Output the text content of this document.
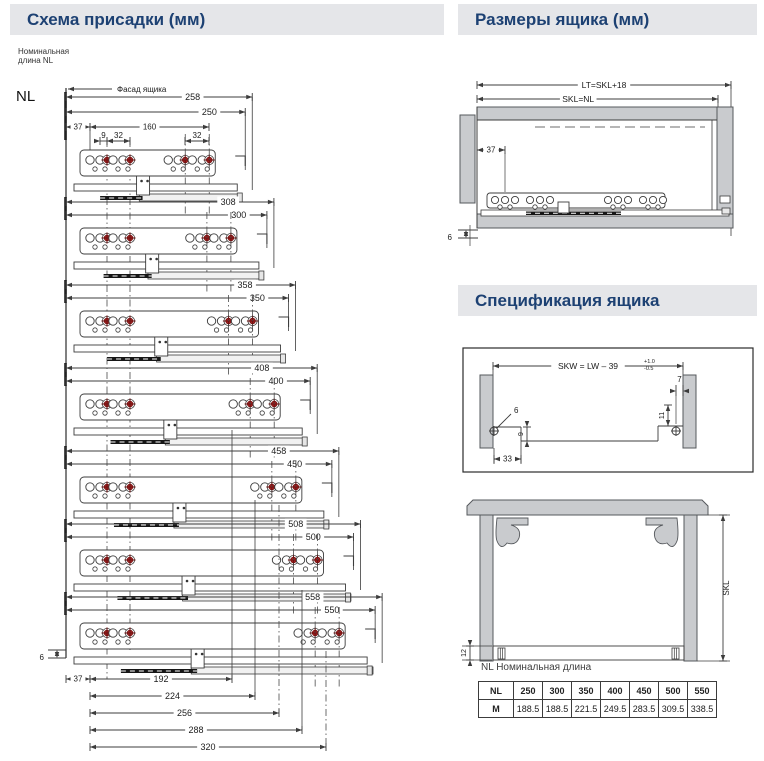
Схема присадки (мм)	Размеры ящика (мм)
Спецификация ящика
Номинальная
длина NL
NL	Фасад ящика
258
250
308
300
358
350
408
400
458
450
508
500
558
550
37	160
9 32	32
6
37	192
224
256
288
320
LT=SKL+18
SKL=NL
37
6
SKW = LW – 39	+1.0
-0.5
9
33
6
7
11
12
SKL
NL Номинальная длина
NL	250	300	350	400	450	500	550
M	188.5	188.5	221.5	249.5	283.5	309.5	338.5
